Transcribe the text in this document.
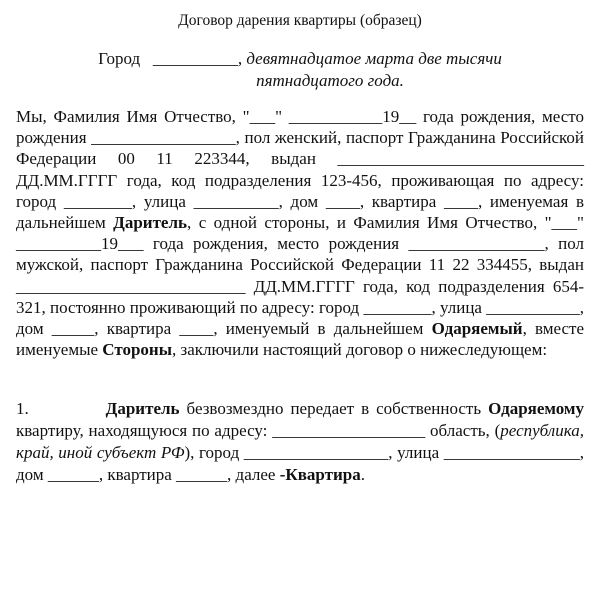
Договор дарения квартиры (образец)
Город __________, девятнадцатое марта две тысячи
пятнадцатого года.
Мы, Фамилия Имя Отчество, "___" ___________19__ года рождения, место рождения _________________, пол женский, паспорт Гражданина Российской Федерации 00 11 223344, выдан _____________________________ ДД.ММ.ГГГГ года, код подразделения 123-456, проживающая по адресу: город ________, улица __________, дом ____, квартира ____, именуемая в дальнейшем Даритель, с одной стороны, и Фамилия Имя Отчество, "___" __________19___ года рождения, место рождения ________________, пол мужской, паспорт Гражданина Российской Федерации 11 22 334455, выдан ___________________________ ДД.ММ.ГГГГ года, код подразделения 654-321, постоянно проживающий по адресу: город ________, улица ___________, дом _____, квартира ____, именуемый в дальнейшем Одаряемый, вместе именуемые Стороны, заключили настоящий договор о нижеследующем:
1.	Даритель безвозмездно передает в собственность Одаряемому квартиру, находящуюся по адресу: __________________ область, (республика, край, иной субъект РФ), город _________________, улица ________________, дом ______, квартира ______, далее -Квартира.
